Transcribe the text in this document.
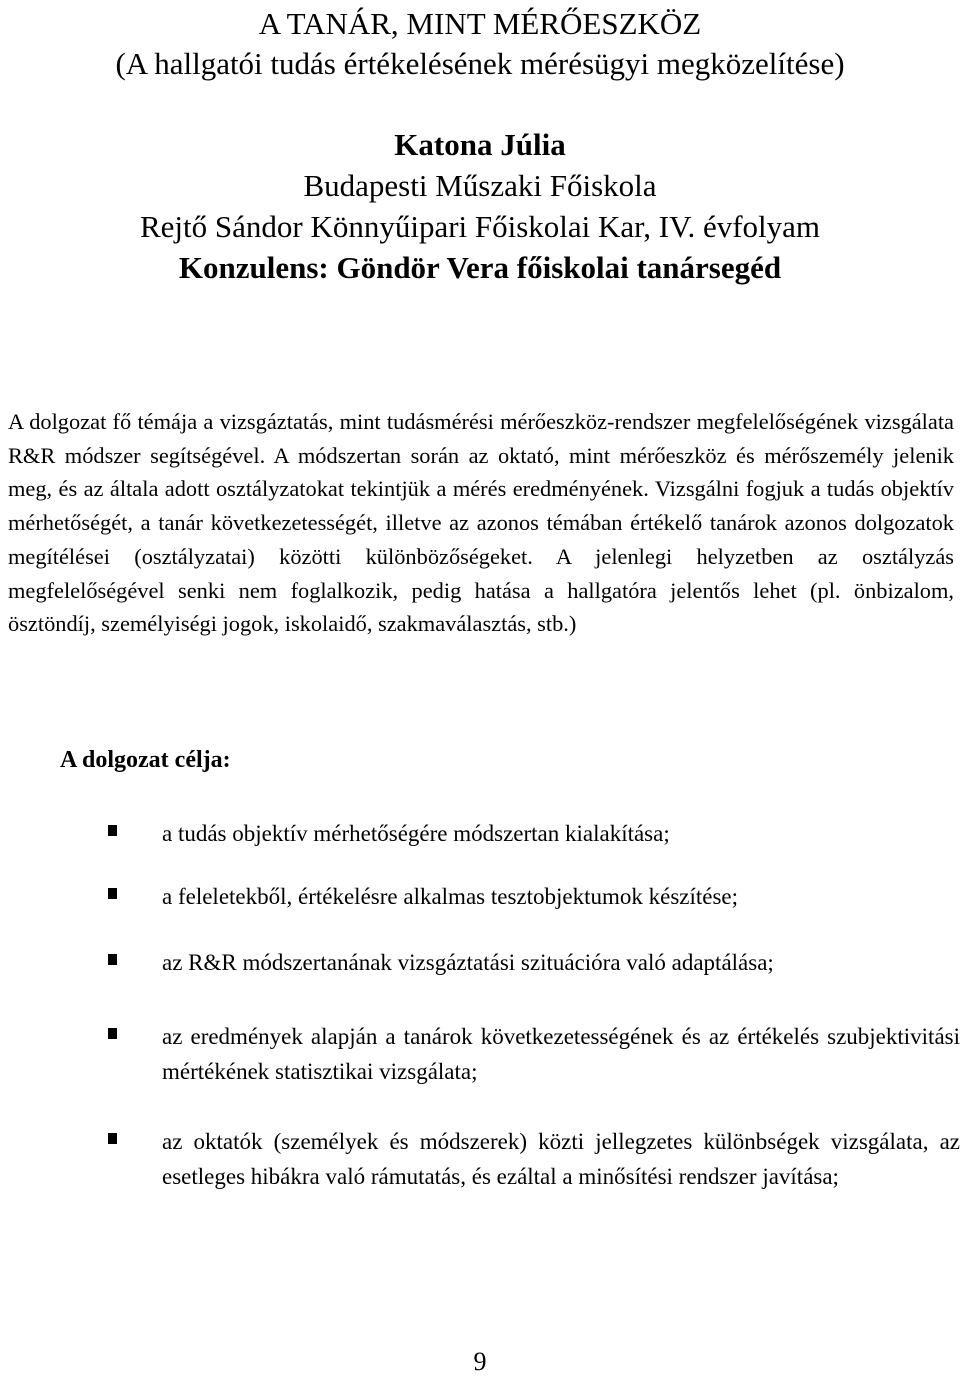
A TANÁR, MINT MÉRŐESZKÖZ
(A hallgatói tudás értékelésének mérésügyi megközelítése)
Katona Júlia
Budapesti Műszaki Főiskola
Rejtő Sándor Könnyűipari Főiskolai Kar, IV. évfolyam
Konzulens: Göndör Vera főiskolai tanársegéd
A dolgozat fő témája a vizsgáztatás, mint tudásmérési mérőeszköz-rendszer megfelelőségének vizsgálata R&R módszer segítségével. A módszertan során az oktató, mint mérőeszköz és mérőszemély jelenik meg, és az általa adott osztályzatokat tekintjük a mérés eredményének. Vizsgálni fogjuk a tudás objektív mérhetőségét, a tanár következetességét, illetve az azonos témában értékelő tanárok azonos dolgozatok megítélései (osztályzatai) közötti különbözőségeket. A jelenlegi helyzetben az osztályzás megfelelőségével senki nem foglalkozik, pedig hatása a hallgatóra jelentős lehet (pl. önbizalom, ösztöndíj, személyiségi jogok, iskolaidő, szakmaválasztás, stb.)
A dolgozat célja:
a tudás objektív mérhetőségére módszertan kialakítása;
a feleletekből, értékelésre alkalmas tesztobjektumok készítése;
az R&R módszertanának vizsgáztatási szituációra való adaptálása;
az eredmények alapján a tanárok következetességének és az értékelés szubjektivitási mértékének statisztikai vizsgálata;
az oktatók (személyek és módszerek) közti jellegzetes különbségek vizsgálata, az esetleges hibákra való rámutatás, és ezáltal a minősítési rendszer javítása;
9
